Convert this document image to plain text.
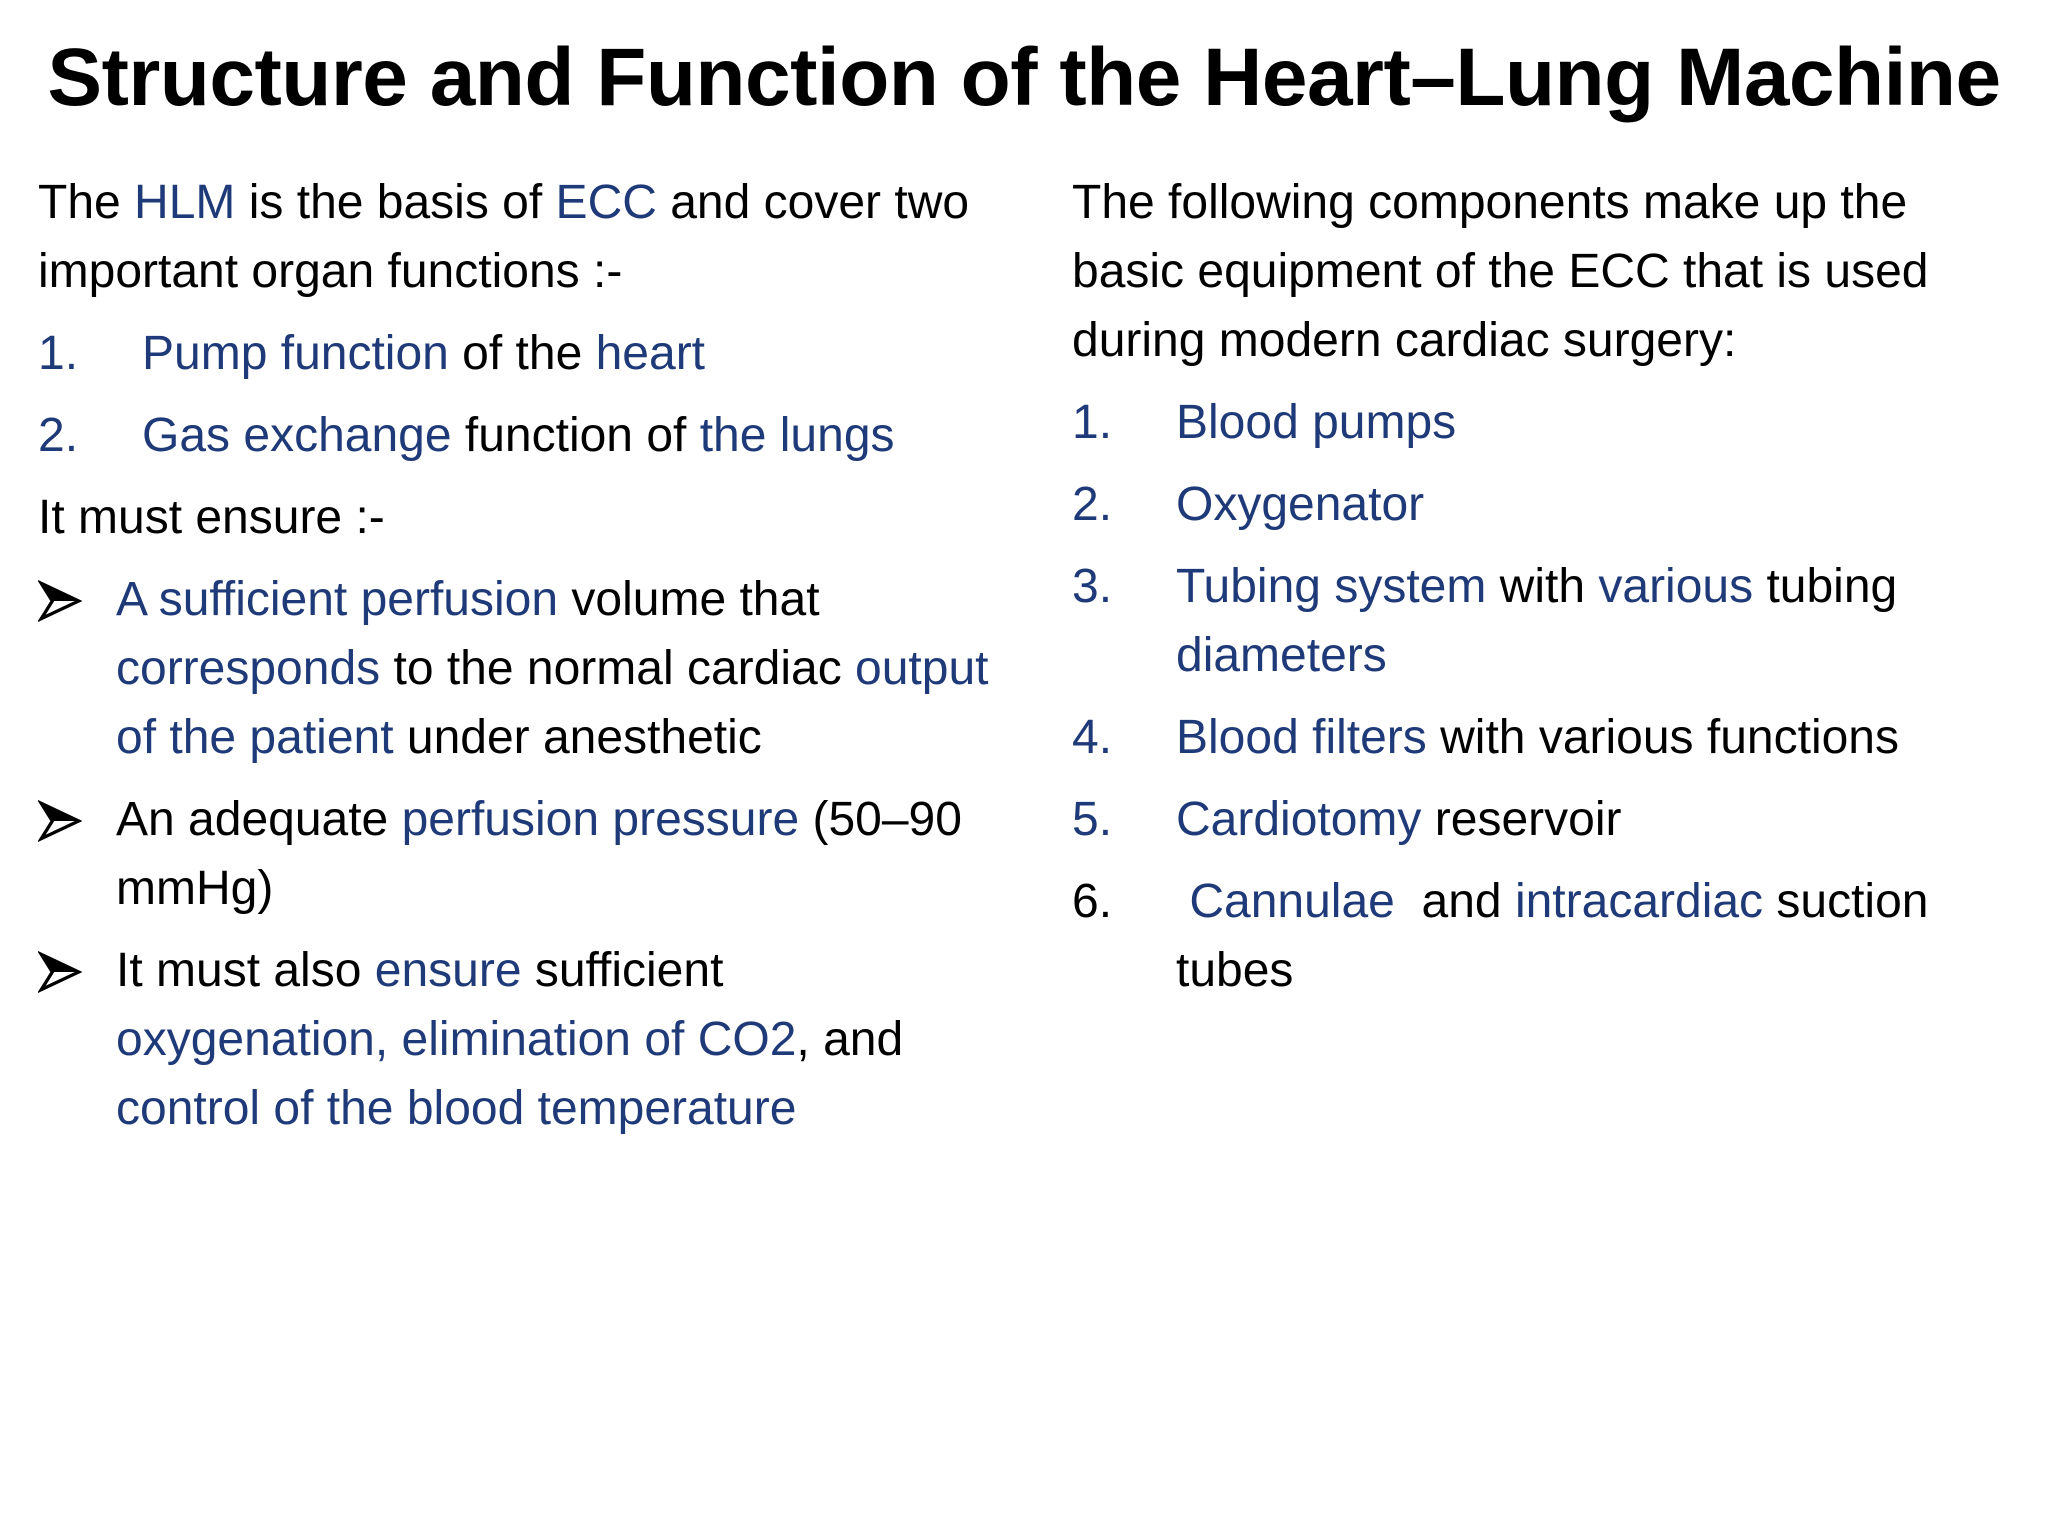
Structure and Function of the Heart–Lung Machine
The HLM is the basis of ECC and cover two important organ functions :-
1.	Pump function of the heart
2.	Gas exchange function of the lungs
It must ensure :-
A sufficient perfusion volume that corresponds to the normal cardiac output of the patient under anesthetic
An adequate perfusion pressure (50–90 mmHg)
It must also ensure sufficient oxygenation, elimination of CO2, and control of the blood temperature
The following components make up the basic equipment of the ECC that is used during modern cardiac surgery:
1.	Blood pumps
2.	Oxygenator
3.	Tubing system with various tubing diameters
4.	Blood filters with various functions
5.	Cardiotomy reservoir
6.	Cannulae  and intracardiac suction tubes
